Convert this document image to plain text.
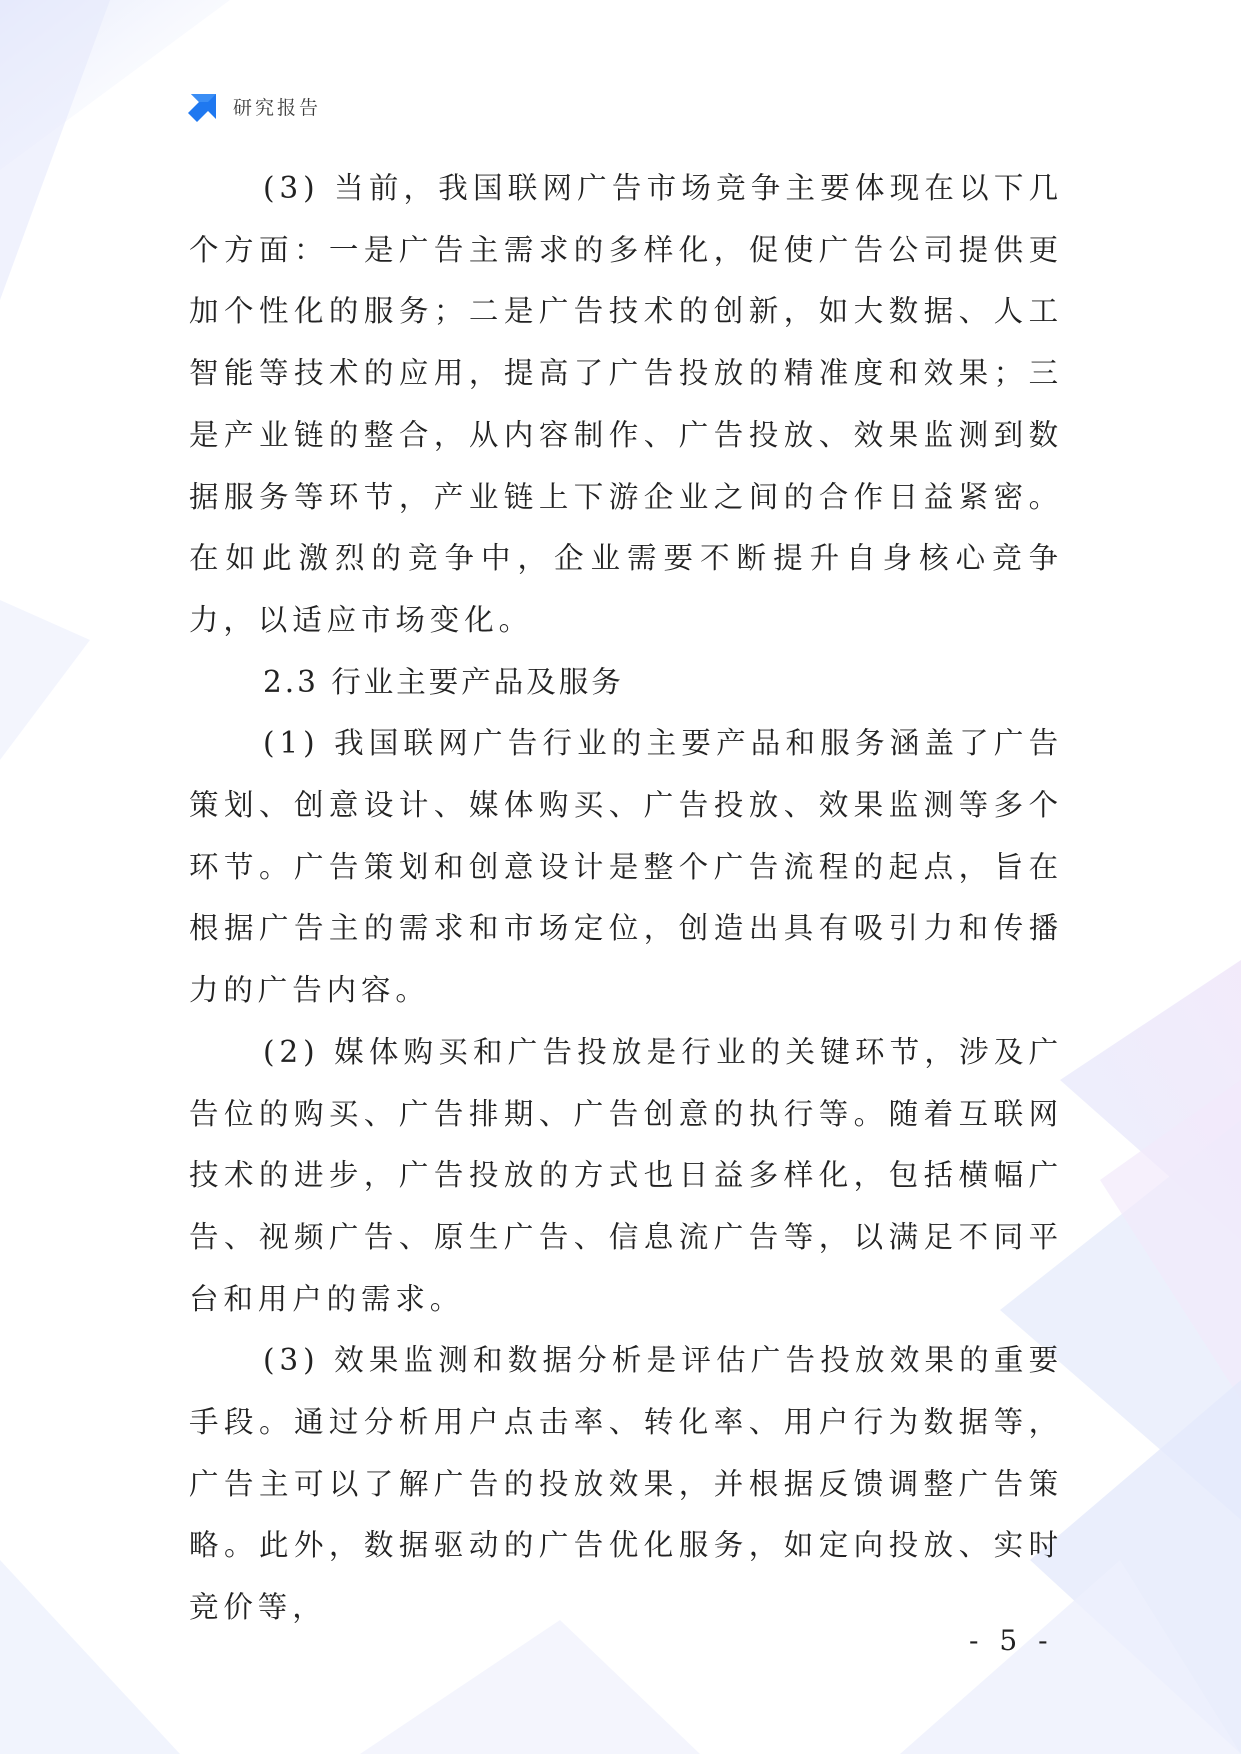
研究报告

(3) 当前，我国联网广告市场竞争主要体现在以下几个方面：一是广告主需求的多样化，促使广告公司提供更加个性化的服务；二是广告技术的创新，如大数据、人工智能等技术的应用，提高了广告投放的精准度和效果；三是产业链的整合，从内容制作、广告投放、效果监测到数据服务等环节，产业链上下游企业之间的合作日益紧密。在如此激烈的竞争中，企业需要不断提升自身核心竞争力，以适应市场变化。

2.3 行业主要产品及服务

(1) 我国联网广告行业的主要产品和服务涵盖了广告策划、创意设计、媒体购买、广告投放、效果监测等多个环节。广告策划和创意设计是整个广告流程的起点，旨在根据广告主的需求和市场定位，创造出具有吸引力和传播力的广告内容。

(2) 媒体购买和广告投放是行业的关键环节，涉及广告位的购买、广告排期、广告创意的执行等。随着互联网技术的进步，广告投放的方式也日益多样化，包括横幅广告、视频广告、原生广告、信息流广告等，以满足不同平台和用户的需求。

(3) 效果监测和数据分析是评估广告投放效果的重要手段。通过分析用户点击率、转化率、用户行为数据等，广告主可以了解广告的投放效果，并根据反馈调整广告策略。此外，数据驱动的广告优化服务，如定向投放、实时竞价等，

- 5 -
